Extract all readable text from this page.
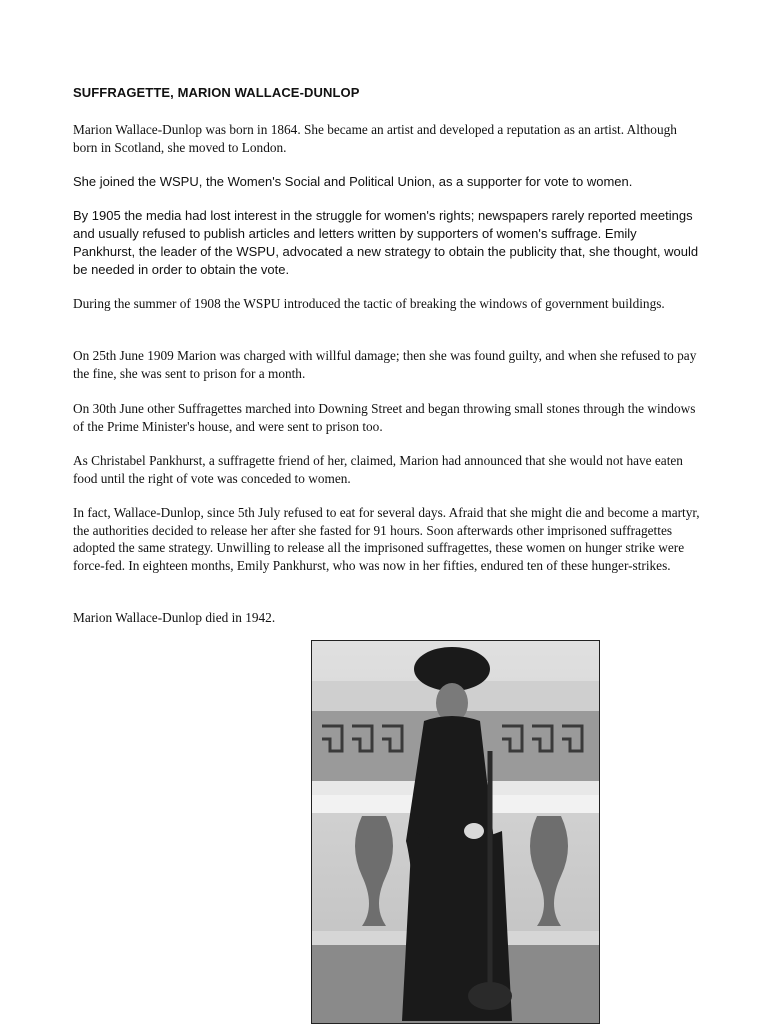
SUFFRAGETTE, MARION WALLACE-DUNLOP

Marion Wallace-Dunlop was born in 1864. She became an artist and developed a reputation as an artist. Although born in Scotland, she moved to London.

She joined the WSPU, the Women's Social and Political Union, as a supporter for vote to women.

By 1905 the media had lost interest in the struggle for women's rights; newspapers rarely reported meetings and usually refused to publish articles and letters written by supporters of women's suffrage. Emily Pankhurst, the leader of the WSPU, advocated a new strategy to obtain the publicity that, she thought, would be needed in order to obtain the vote.

During the summer of 1908 the WSPU introduced the tactic of breaking the windows of government buildings.

On 25th June 1909 Marion was charged with willful damage; then she was found guilty, and when she refused to pay the fine, she was sent to prison for a month.

On 30th June other Suffragettes marched into Downing Street and began throwing small stones through the windows of the Prime Minister's house, and were sent to prison too.

As Christabel Pankhurst, a suffragette friend of her, claimed, Marion had announced that she would not have eaten food until the right of vote was conceded to women.

In fact, Wallace-Dunlop, since 5th July refused to eat for several days. Afraid that she might die and become a martyr, the authorities decided to release her after she fasted for 91 hours. Soon afterwards other imprisoned suffragettes adopted the same strategy. Unwilling to release all the imprisoned suffragettes, these women on hunger strike were force-fed. In eighteen months, Emily Pankhurst, who was now in her fifties, endured ten of these hunger-strikes.

Marion Wallace-Dunlop died in 1942.
